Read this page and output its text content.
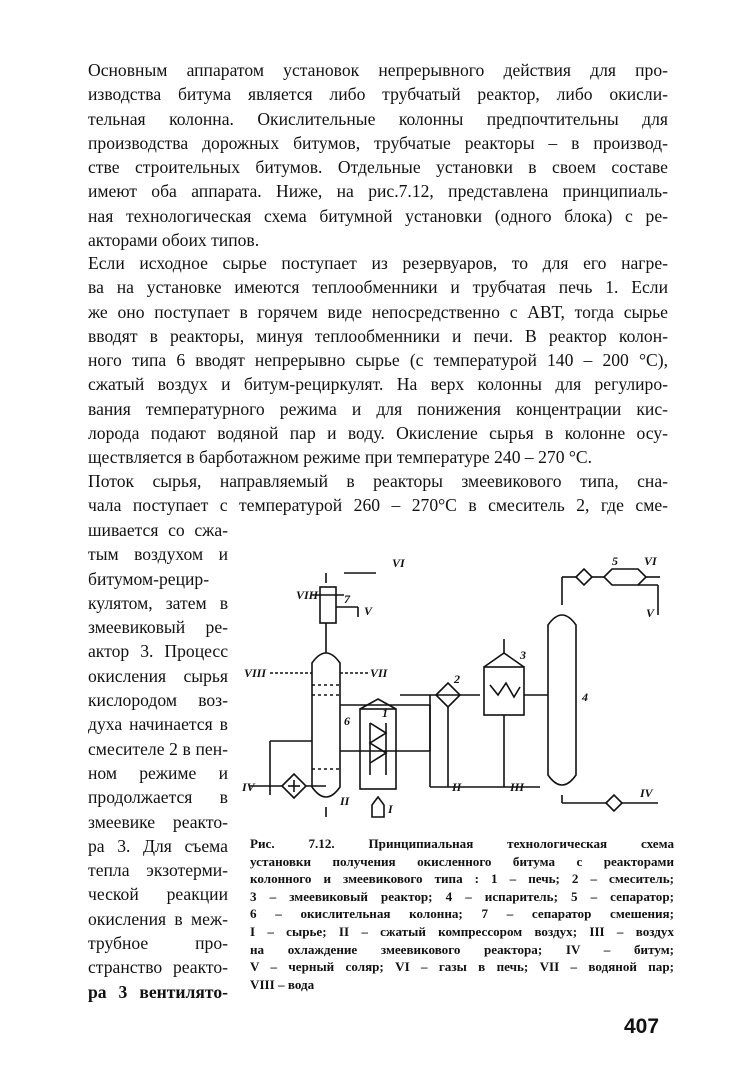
Основным аппаратом установок непрерывного действия для про-
изводства битума является либо трубчатый реактор, либо окисли-
тельная колонна. Окислительные колонны предпочтительны для
производства дорожных битумов, трубчатые реакторы – в производ-
стве строительных битумов. Отдельные установки в своем составе
имеют оба аппарата. Ниже, на рис.7.12, представлена принципиаль-
ная технологическая схема битумной установки (одного блока) с ре-
акторами обоих типов.
Если исходное сырье поступает из резервуаров, то для его нагре-
ва на установке имеются теплообменники и трубчатая печь 1. Если
же оно поступает в горячем виде непосредственно с АВТ, тогда сырье
вводят в реакторы, минуя теплообменники и печи. В реактор колон-
ного типа 6 вводят непрерывно сырье (с температурой 140 – 200 °С),
сжатый воздух и битум-рециркулят. На верх колонны для регулиро-
вания температурного режима и для понижения концентрации кис-
лорода подают водяной пар и воду. Окисление сырья в колонне осу-
ществляется в барботажном режиме при температуре 240 – 270 °С.
Поток сырья, направляемый в реакторы змеевикового типа, сна-
чала поступает с температурой 260 – 270°С в смеситель 2, где сме-
шивается со сжа-
тым воздухом и
битумом-рецир-
кулятом, затем в
змеевиковый ре-
актор 3. Процесс
окисления сырья
кислородом воз-
духа начинается в
смесителе 2 в пен-
ном режиме и
продолжается в
змеевике реакто-
ра 3. Для съема
тепла экзотерми-
ческой реакции
окисления в меж-
трубное про-
странство реакто-
ра 3 вентилято-
VI
VIII 7
V
VIII	VII
6
IV
II
I
1
2
3
II	III
4
5 VI
V
IV
Рис. 7.12. Принципиальная технологическая схема
установки получения окисленного битума с реакторами
колонного и змеевикового типа : 1 – печь; 2 – смеситель;
3 – змеевиковый реактор; 4 – испаритель; 5 – сепаратор;
6 – окислительная колонна; 7 – сепаратор смешения;
I – сырье; II – сжатый компрессором воздух; III – воздух
на охлаждение змеевикового реактора; IV – битум;
V – черный соляр; VI – газы в печь; VII – водяной пар;
VIII – вода
407
